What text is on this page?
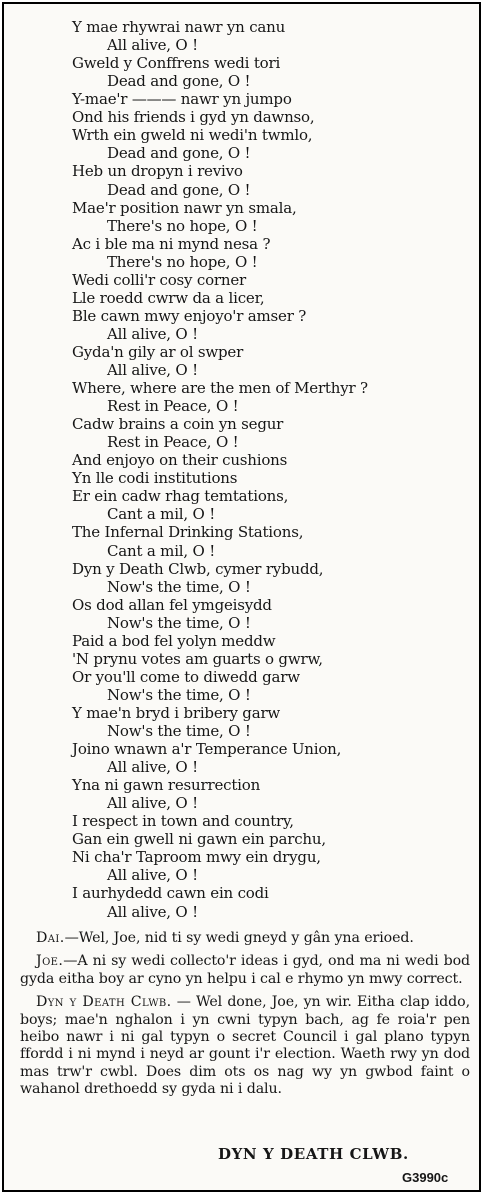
Y mae rhywrai nawr yn canu
All alive, O !
Gweld y Conffrens wedi tori
Dead and gone, O !
Y-mae'r ——— nawr yn jumpo
Ond his friends i gyd yn dawnso,
Wrth ein gweld ni wedi'n twmlo,
Dead and gone, O !
Heb un dropyn i revivo
Dead and gone, O !
Mae'r position nawr yn smala,
There's no hope, O !
Ac i ble ma ni mynd nesa ?
There's no hope, O !
Wedi colli'r cosy corner
Lle roedd cwrw da a licer,
Ble cawn mwy enjoyo'r amser ?
All alive, O !
Gyda'n gily ar ol swper
All alive, O !
Where, where are the men of Merthyr ?
Rest in Peace, O !
Cadw brains a coin yn segur
Rest in Peace, O !
And enjoyo on their cushions
Yn lle codi institutions
Er ein cadw rhag temtations,
Cant a mil, O !
The Infernal Drinking Stations,
Cant a mil, O !
Dyn y Death Clwb, cymer rybudd,
Now's the time, O !
Os dod allan fel ymgeisydd
Now's the time, O !
Paid a bod fel yolyn meddw
'N prynu votes am guarts o gwrw,
Or you'll come to diwedd garw
Now's the time, O !
Y mae'n bryd i bribery garw
Now's the time, O !
Joino wnawn a'r Temperance Union,
All alive, O !
Yna ni gawn resurrection
All alive, O !
I respect in town and country,
Gan ein gwell ni gawn ein parchu,
Ni cha'r Taproom mwy ein drygu,
All alive, O !
I aurhydedd cawn ein codi
All alive, O !

Dai.—Wel, Joe, nid ti sy wedi gneyd y gân yna erioed.

Joe.—A ni sy wedi collecto'r ideas i gyd, ond ma ni wedi bod gyda eitha boy ar cyno yn helpu i cal e rhymo yn mwy correct.

Dyn y Death Clwb. — Wel done, Joe, yn wir. Eitha clap iddo, boys; mae'n nghalon i yn cwni typyn bach, ag fe roia'r pen heibo nawr i ni gal typyn o secret Council i gal plano typyn ffordd i ni mynd i neyd ar gount i'r election. Waeth rwy yn dod mas trw'r cwbl. Does dim ots os nag wy yn gwbod faint o wahanol drethoedd sy gyda ni i dalu.

DYN Y DEATH CLWB.
G3990c
